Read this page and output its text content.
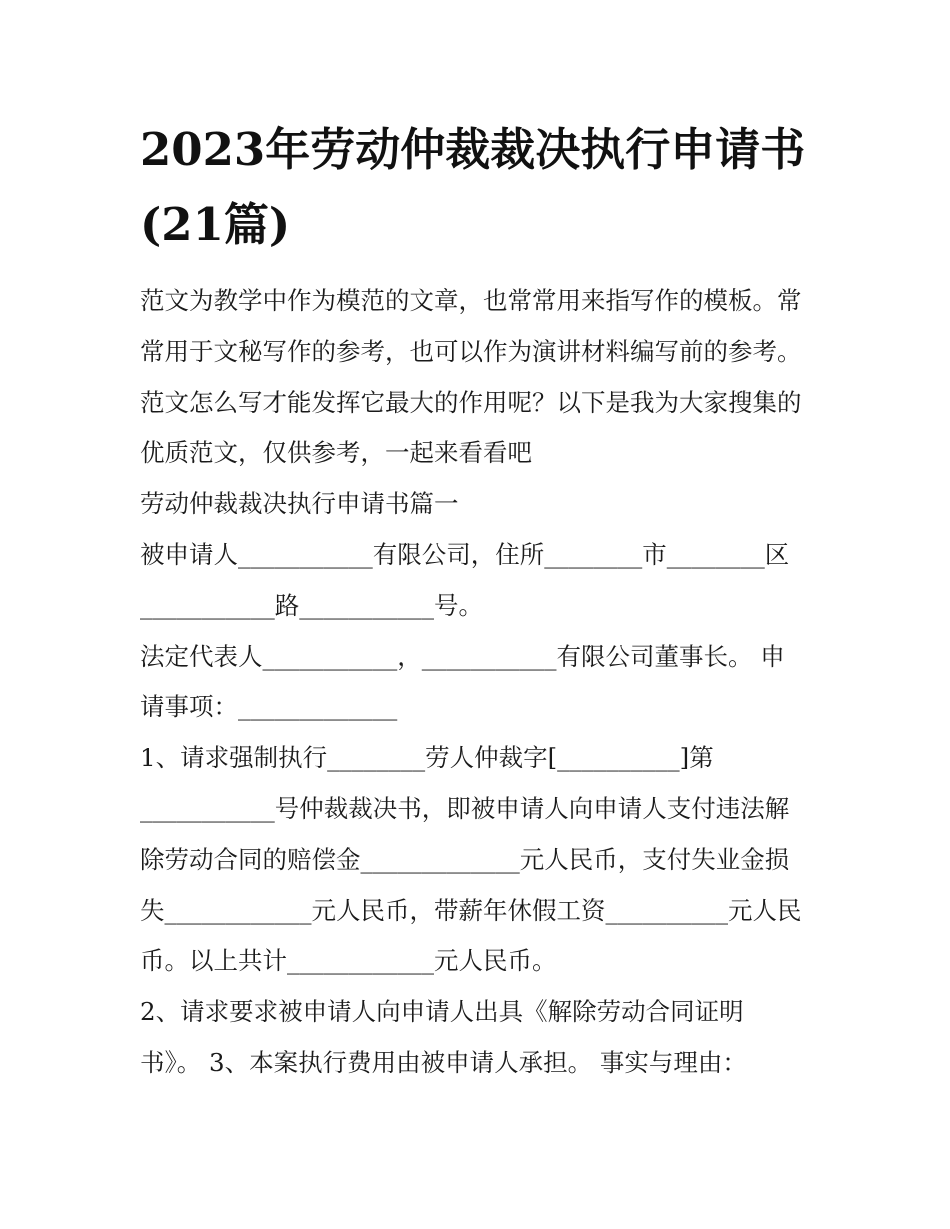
2023年劳动仲裁裁决执行申请书(21篇)

范文为教学中作为模范的文章，也常常用来指写作的模板。常常用于文秘写作的参考，也可以作为演讲材料编写前的参考。范文怎么写才能发挥它最大的作用呢？以下是我为大家搜集的优质范文，仅供参考，一起来看看吧

劳动仲裁裁决执行申请书篇一

被申请人___________有限公司，住所________市________区
___________路___________号。

法定代表人___________，___________有限公司董事长。 申
请事项：_____________

1、请求强制执行________劳人仲裁字[__________]第
___________号仲裁裁决书，即被申请人向申请人支付违法解
除劳动合同的赔偿金_____________元人民币，支付失业金损
失____________元人民币，带薪年休假工资__________元人民
币。以上共计____________元人民币。

2、请求要求被申请人向申请人出具《解除劳动合同证明
书》。 3、本案执行费用由被申请人承担。 事实与理由：
